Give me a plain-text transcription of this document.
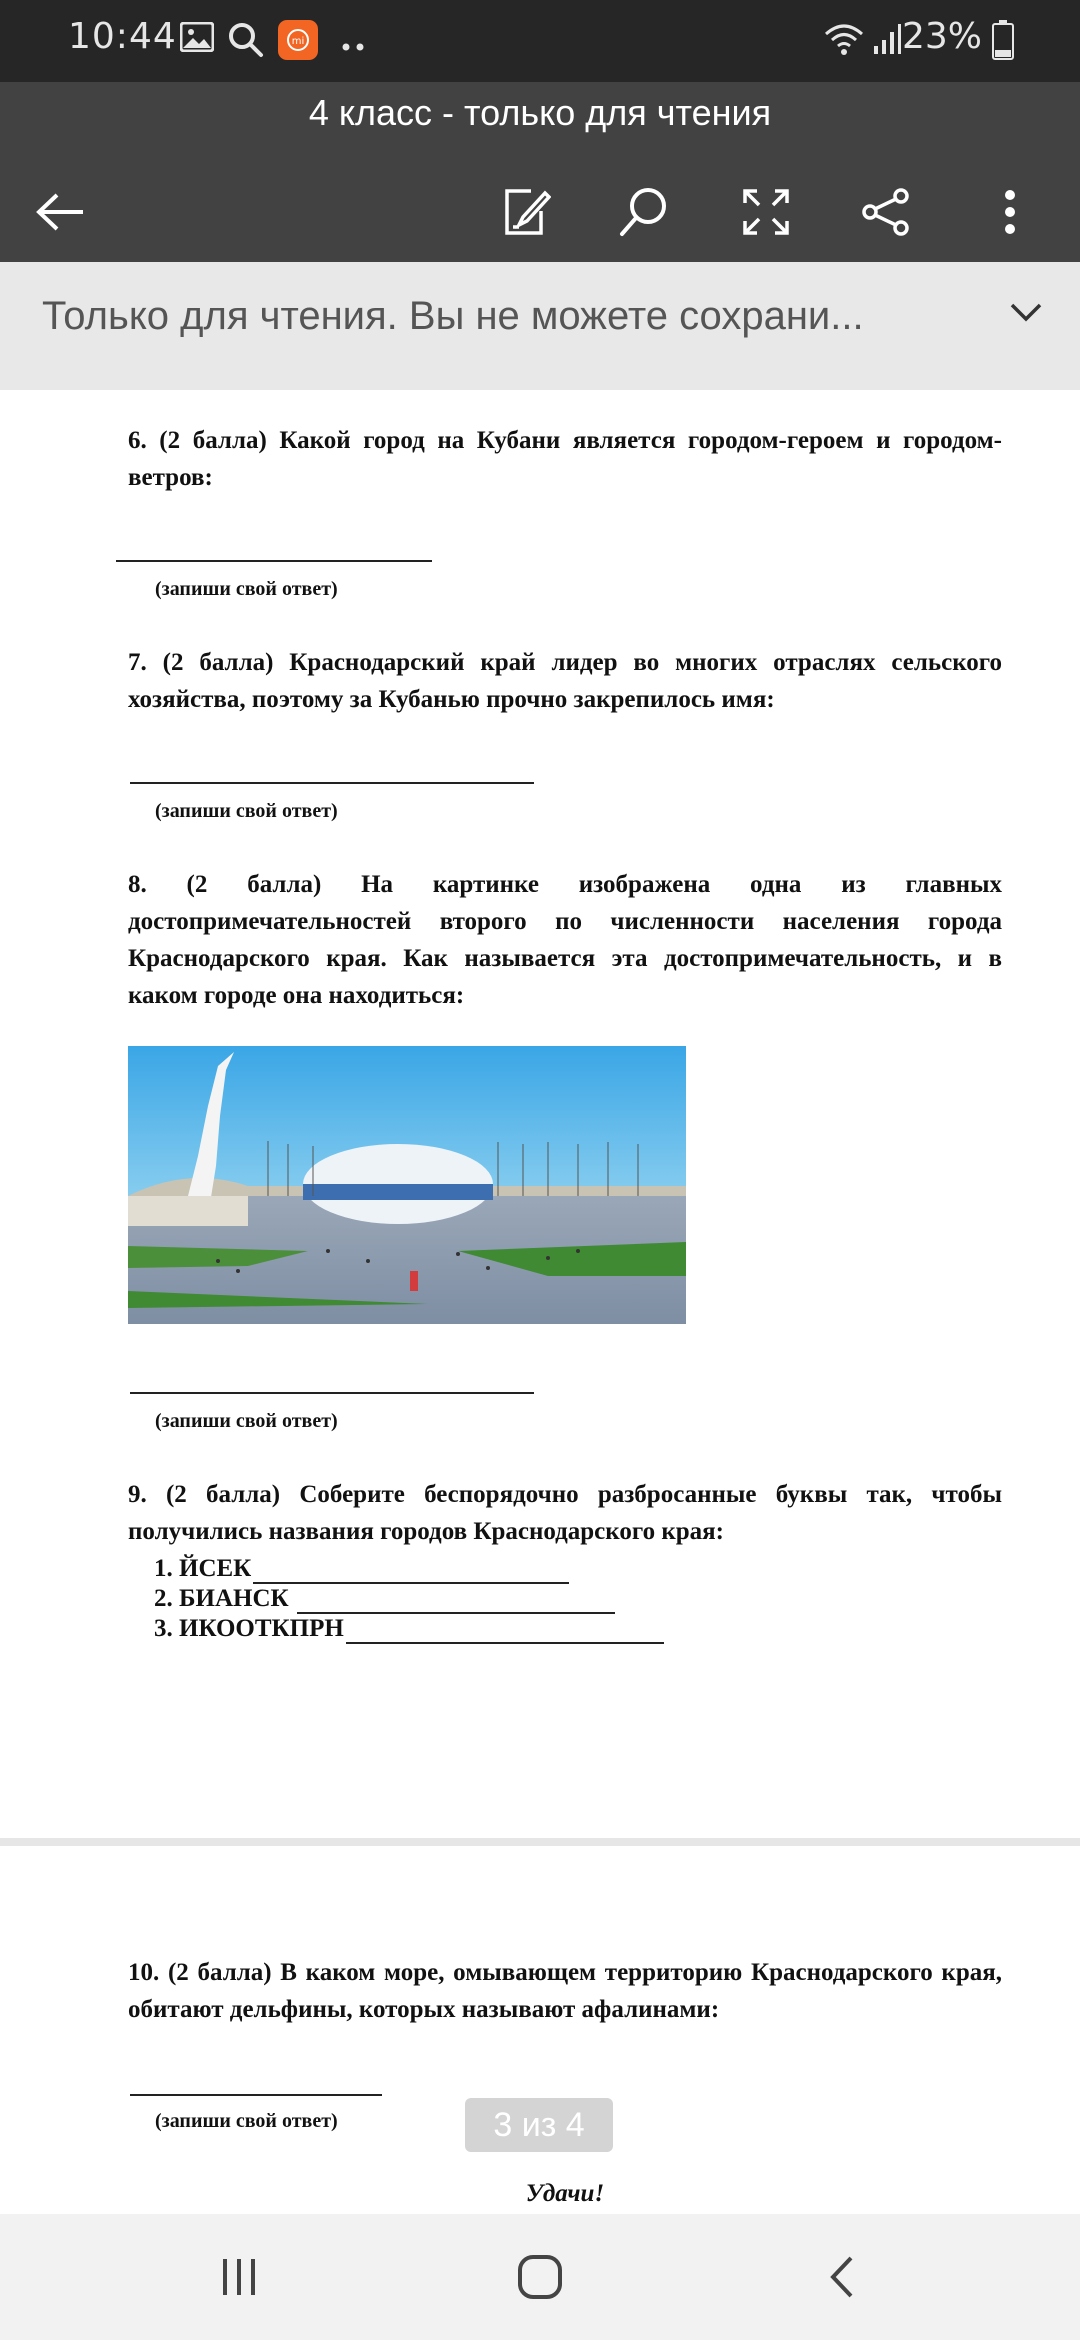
10:44	mi	23%
4 класс - только для чтения
Только для чтения. Вы не можете сохрани...
6. (2 балла) Какой город на Кубани является городом-героем и городом-ветров:
(запиши свой ответ)
7. (2 балла) Краснодарский край лидер во многих отраслях сельского хозяйства, поэтому за Кубанью прочно закрепилось имя:
(запиши свой ответ)
8. (2 балла) На картинке изображена одна из главных достопримечательностей второго по численности населения города Краснодарского края. Как называется эта достопримечательность, и в каком городе она находиться:
(запиши свой ответ)
9. (2 балла) Соберите беспорядочно разбросанные буквы так, чтобы получились названия городов Краснодарского края:
1. ЙСЕК
2. БИАНСК
3. ИКООТКПРН
10. (2 балла) В каком море, омывающем территорию Краснодарского края, обитают дельфины, которых называют афалинами:
(запиши свой ответ)	3 из 4
Удачи!
